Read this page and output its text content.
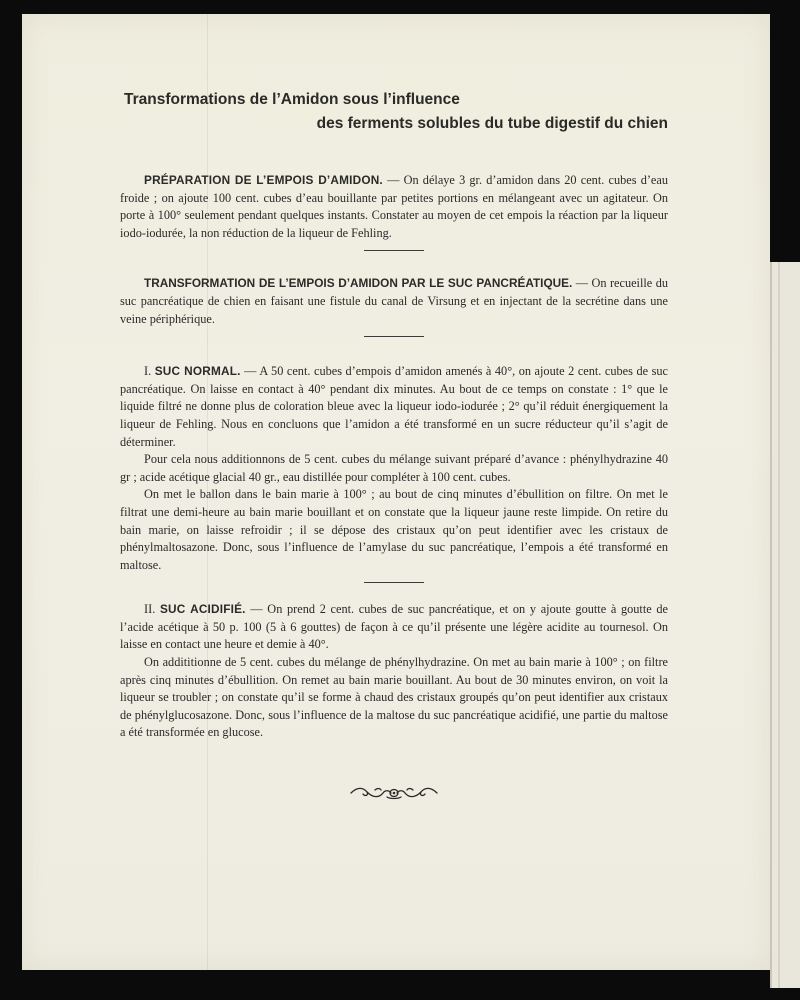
Transformations de l’Amidon sous l’influence
des ferments solubles du tube digestif du chien

PRÉPARATION DE L’EMPOIS D’AMIDON. — On délaye 3 gr. d’amidon dans 20 cent. cubes d’eau froide ; on ajoute 100 cent. cubes d’eau bouillante par petites portions en mélangeant avec un agitateur. On porte à 100° seulement pendant quelques instants. Constater au moyen de cet empois la réaction par la liqueur iodo-iodurée, la non réduction de la liqueur de Fehling.

TRANSFORMATION DE L’EMPOIS D’AMIDON PAR LE SUC PANCRÉATIQUE. — On recueille du suc pancréatique de chien en faisant une fistule du canal de Virsung et en injectant de la secrétine dans une veine périphérique.

I. SUC NORMAL. — A 50 cent. cubes d’empois d’amidon amenés à 40°, on ajoute 2 cent. cubes de suc pancréatique. On laisse en contact à 40° pendant dix minutes. Au bout de ce temps on constate : 1° que le liquide filtré ne donne plus de coloration bleue avec la liqueur iodo-iodurée ; 2° qu’il réduit énergiquement la liqueur de Fehling. Nous en concluons que l’amidon a été transformé en un sucre réducteur qu’il s’agit de déterminer.

Pour cela nous additionnons de 5 cent. cubes du mélange suivant préparé d’avance : phénylhydrazine 40 gr ; acide acétique glacial 40 gr., eau distillée pour compléter à 100 cent. cubes.

On met le ballon dans le bain marie à 100° ; au bout de cinq minutes d’ébullition on filtre. On met le filtrat une demi-heure au bain marie bouillant et on constate que la liqueur jaune reste limpide. On retire du bain marie, on laisse refroidir ; il se dépose des cristaux qu’on peut identifier avec les cristaux de phénylmaltosazone. Donc, sous l’influence de l’amylase du suc pancréatique, l’empois a été transformé en maltose.

II. SUC ACIDIFIÉ. — On prend 2 cent. cubes de suc pancréatique, et on y ajoute goutte à goutte de l’acide acétique à 50 p. 100 (5 à 6 gouttes) de façon à ce qu’il présente une légère acidite au tournesol. On laisse en contact une heure et demie à 40°.

On addititionne de 5 cent. cubes du mélange de phénylhydrazine. On met au bain marie à 100° ; on filtre après cinq minutes d’ébullition. On remet au bain marie bouillant. Au bout de 30 minutes environ, on voit la liqueur se troubler ; on constate qu’il se forme à chaud des cristaux groupés qu’on peut identifier aux cristaux de phénylglucosazone. Donc, sous l’influence de la maltose du suc pancréatique acidifié, une partie du maltose a été transformée en glucose.
